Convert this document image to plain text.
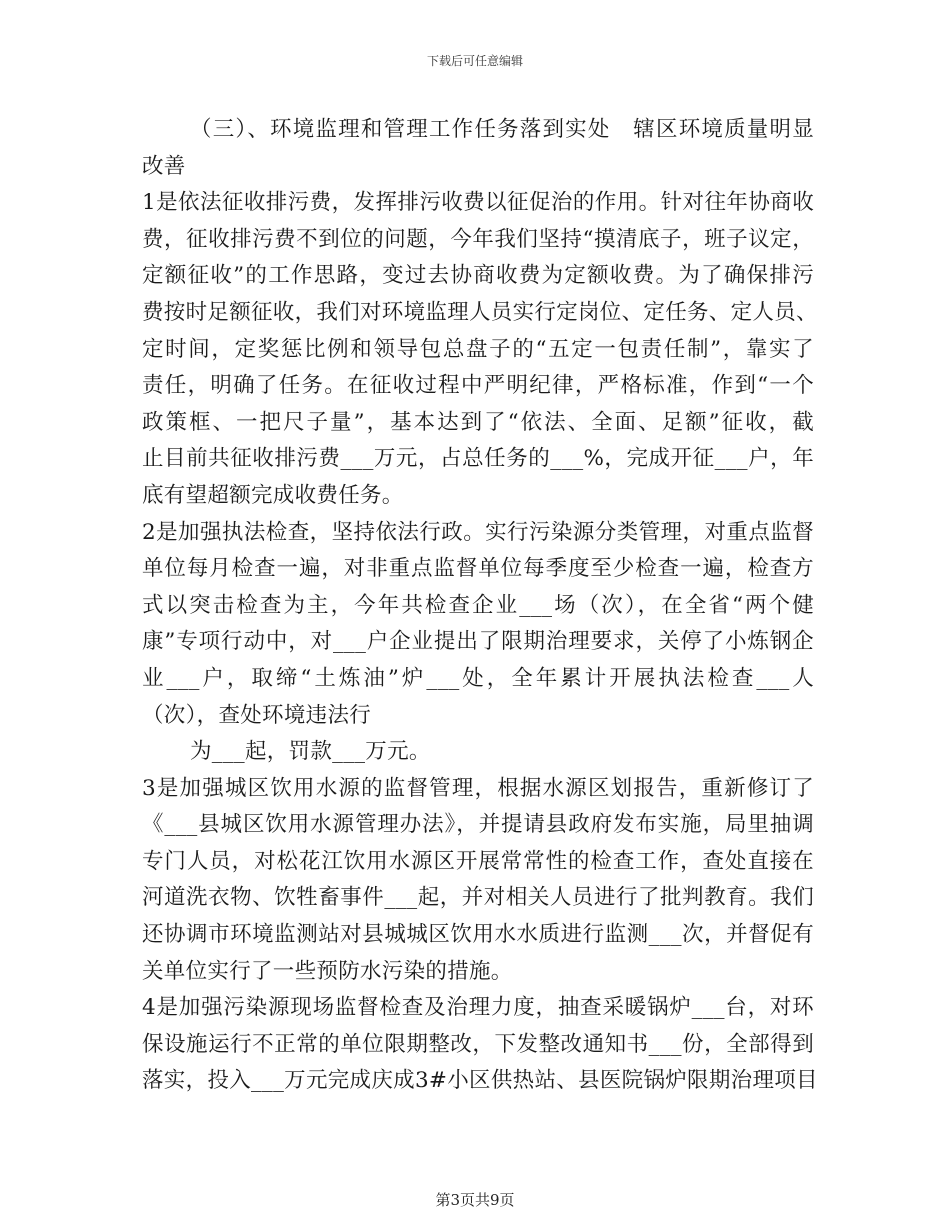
下载后可任意编辑
（三）、环境监理和管理工作任务落到实处　辖区环境质量明显
改善
1是依法征收排污费，发挥排污收费以征促治的作用。针对往年协商收
费，征收排污费不到位的问题，今年我们坚持“摸清底子，班子议定，
定额征收”的工作思路，变过去协商收费为定额收费。为了确保排污
费按时足额征收，我们对环境监理人员实行定岗位、定任务、定人员、
定时间，定奖惩比例和领导包总盘子的“五定一包责任制”，靠实了
责任，明确了任务。在征收过程中严明纪律，严格标准，作到“一个
政策框、一把尺子量”，基本达到了“依法、全面、足额”征收，截
止目前共征收排污费___万元，占总任务的___%，完成开征___户，年
底有望超额完成收费任务。
2是加强执法检查，坚持依法行政。实行污染源分类管理，对重点监督
单位每月检查一遍，对非重点监督单位每季度至少检查一遍，检查方
式以突击检查为主，今年共检查企业___场（次），在全省“两个健
康”专项行动中，对___户企业提出了限期治理要求，关停了小炼钢企
业___户，取缔“土炼油”炉___处，全年累计开展执法检查___人
（次），查处环境违法行
为___起，罚款___万元。
3是加强城区饮用水源的监督管理，根据水源区划报告，重新修订了
《___县城区饮用水源管理办法》，并提请县政府发布实施，局里抽调
专门人员，对松花江饮用水源区开展常常性的检查工作，查处直接在
河道洗衣物、饮牲畜事件___起，并对相关人员进行了批判教育。我们
还协调市环境监测站对县城城区饮用水水质进行监测___次，并督促有
关单位实行了一些预防水污染的措施。
4是加强污染源现场监督检查及治理力度，抽查采暖锅炉___台，对环
保设施运行不正常的单位限期整改，下发整改通知书___份，全部得到
落实，投入___万元完成庆成3#小区供热站、县医院锅炉限期治理项目
第3页共9页
